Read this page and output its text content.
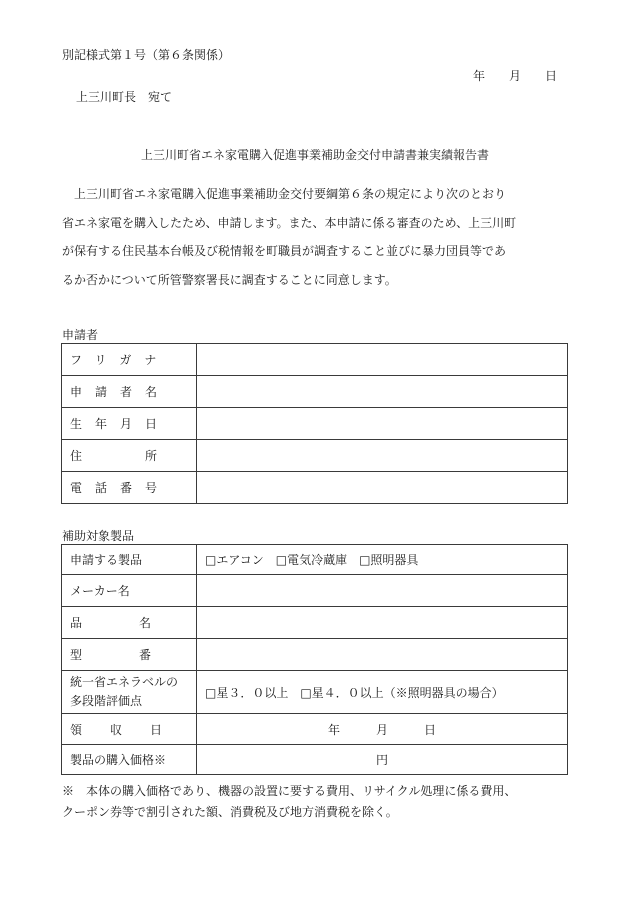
別記様式第１号（第６条関係）
年　　月　　日
上三川町長　宛て
上三川町省エネ家電購入促進事業補助金交付申請書兼実績報告書
　上三川町省エネ家電購入促進事業補助金交付要綱第６条の規定により次のとおり
省エネ家電を購入したため、申請します。また、本申請に係る審査のため、上三川町
が保有する住民基本台帳及び税情報を町職員が調査すること並びに暴力団員等であ
るか否かについて所管警察署長に調査することに同意します。
申請者
フリガナ	
申請者名	
生年月日	
住　　所	
電話番号	
補助対象製品
申請する製品	□エアコン　□電気冷蔵庫　□照明器具
メーカー名	
品　　名	
型　　番	

統一省エネラベルの
多段階評価点	□星３．０以上　□星４．０以上（※照明器具の場合）
領　収　日	年　　　月　　　日
製品の購入価格※	円
※　本体の購入価格であり、機器の設置に要する費用、リサイクル処理に係る費用、
クーポン券等で割引された額、消費税及び地方消費税を除く。
